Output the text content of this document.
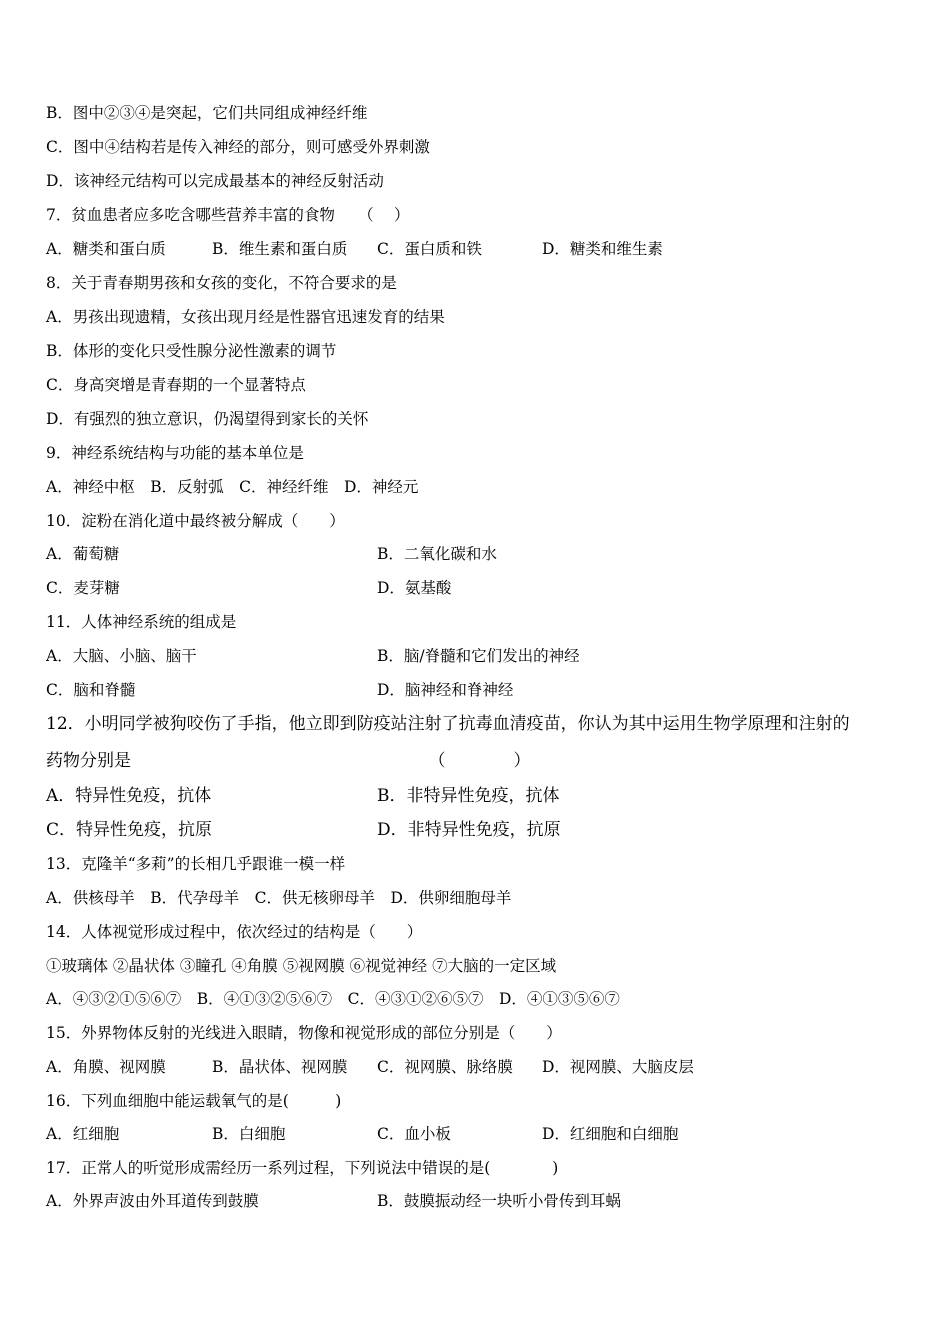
B．图中②③④是突起，它们共同组成神经纤维
C．图中④结构若是传入神经的部分，则可感受外界刺激
D．该神经元结构可以完成最基本的神经反射活动
7．贫血患者应多吃含哪些营养丰富的食物　　（　 ）
A．糖类和蛋白质	B．维生素和蛋白质 C．蛋白质和铁	D．糖类和维生素
8．关于青春期男孩和女孩的变化，不符合要求的是
A．男孩出现遗精，女孩出现月经是性器官迅速发育的结果
B．体形的变化只受性腺分泌性激素的调节
C．身高突增是青春期的一个显著特点
D．有强烈的独立意识，仍渴望得到家长的关怀
9．神经系统结构与功能的基本单位是
A．神经中枢　B．反射弧　C．神经纤维　D．神经元
10．淀粉在消化道中最终被分解成（　　）
A．葡萄糖	B．二氧化碳和水
C．麦芽糖	D．氨基酸
11．人体神经系统的组成是
A．大脑、小脑、脑干	B．脑/脊髓和它们发出的神经
C．脑和脊髓	D．脑神经和脊神经
12．小明同学被狗咬伤了手指，他立即到防疫站注射了抗毒血清疫苗，你认为其中运用生物学原理和注射的
药物分别是　　　　　　　　　　　　　　　　　　（　　　　）
A．特异性免疫，抗体	B．非特异性免疫，抗体
C．特异性免疫，抗原	D．非特异性免疫，抗原
13．克隆羊“多莉”的长相几乎跟谁一模一样
A．供核母羊　B．代孕母羊　C．供无核卵母羊　D．供卵细胞母羊
14．人体视觉形成过程中，依次经过的结构是（　　）
①玻璃体 ②晶状体 ③瞳孔 ④角膜 ⑤视网膜 ⑥视觉神经 ⑦大脑的一定区域
A．④③②①⑤⑥⑦　B．④①③②⑤⑥⑦　C．④③①②⑥⑤⑦　D．④①③⑤⑥⑦
15．外界物体反射的光线进入眼睛，物像和视觉形成的部位分别是（　　）
A．角膜、视网膜	B．晶状体、视网膜 C．视网膜、脉络膜 D．视网膜、大脑皮层
16．下列血细胞中能运载氧气的是(　　　)
A．红细胞	B．白细胞	C．血小板	D．红细胞和白细胞
17．正常人的听觉形成需经历一系列过程，下列说法中错误的是(　　　　)
A．外界声波由外耳道传到鼓膜	B．鼓膜振动经一块听小骨传到耳蜗
